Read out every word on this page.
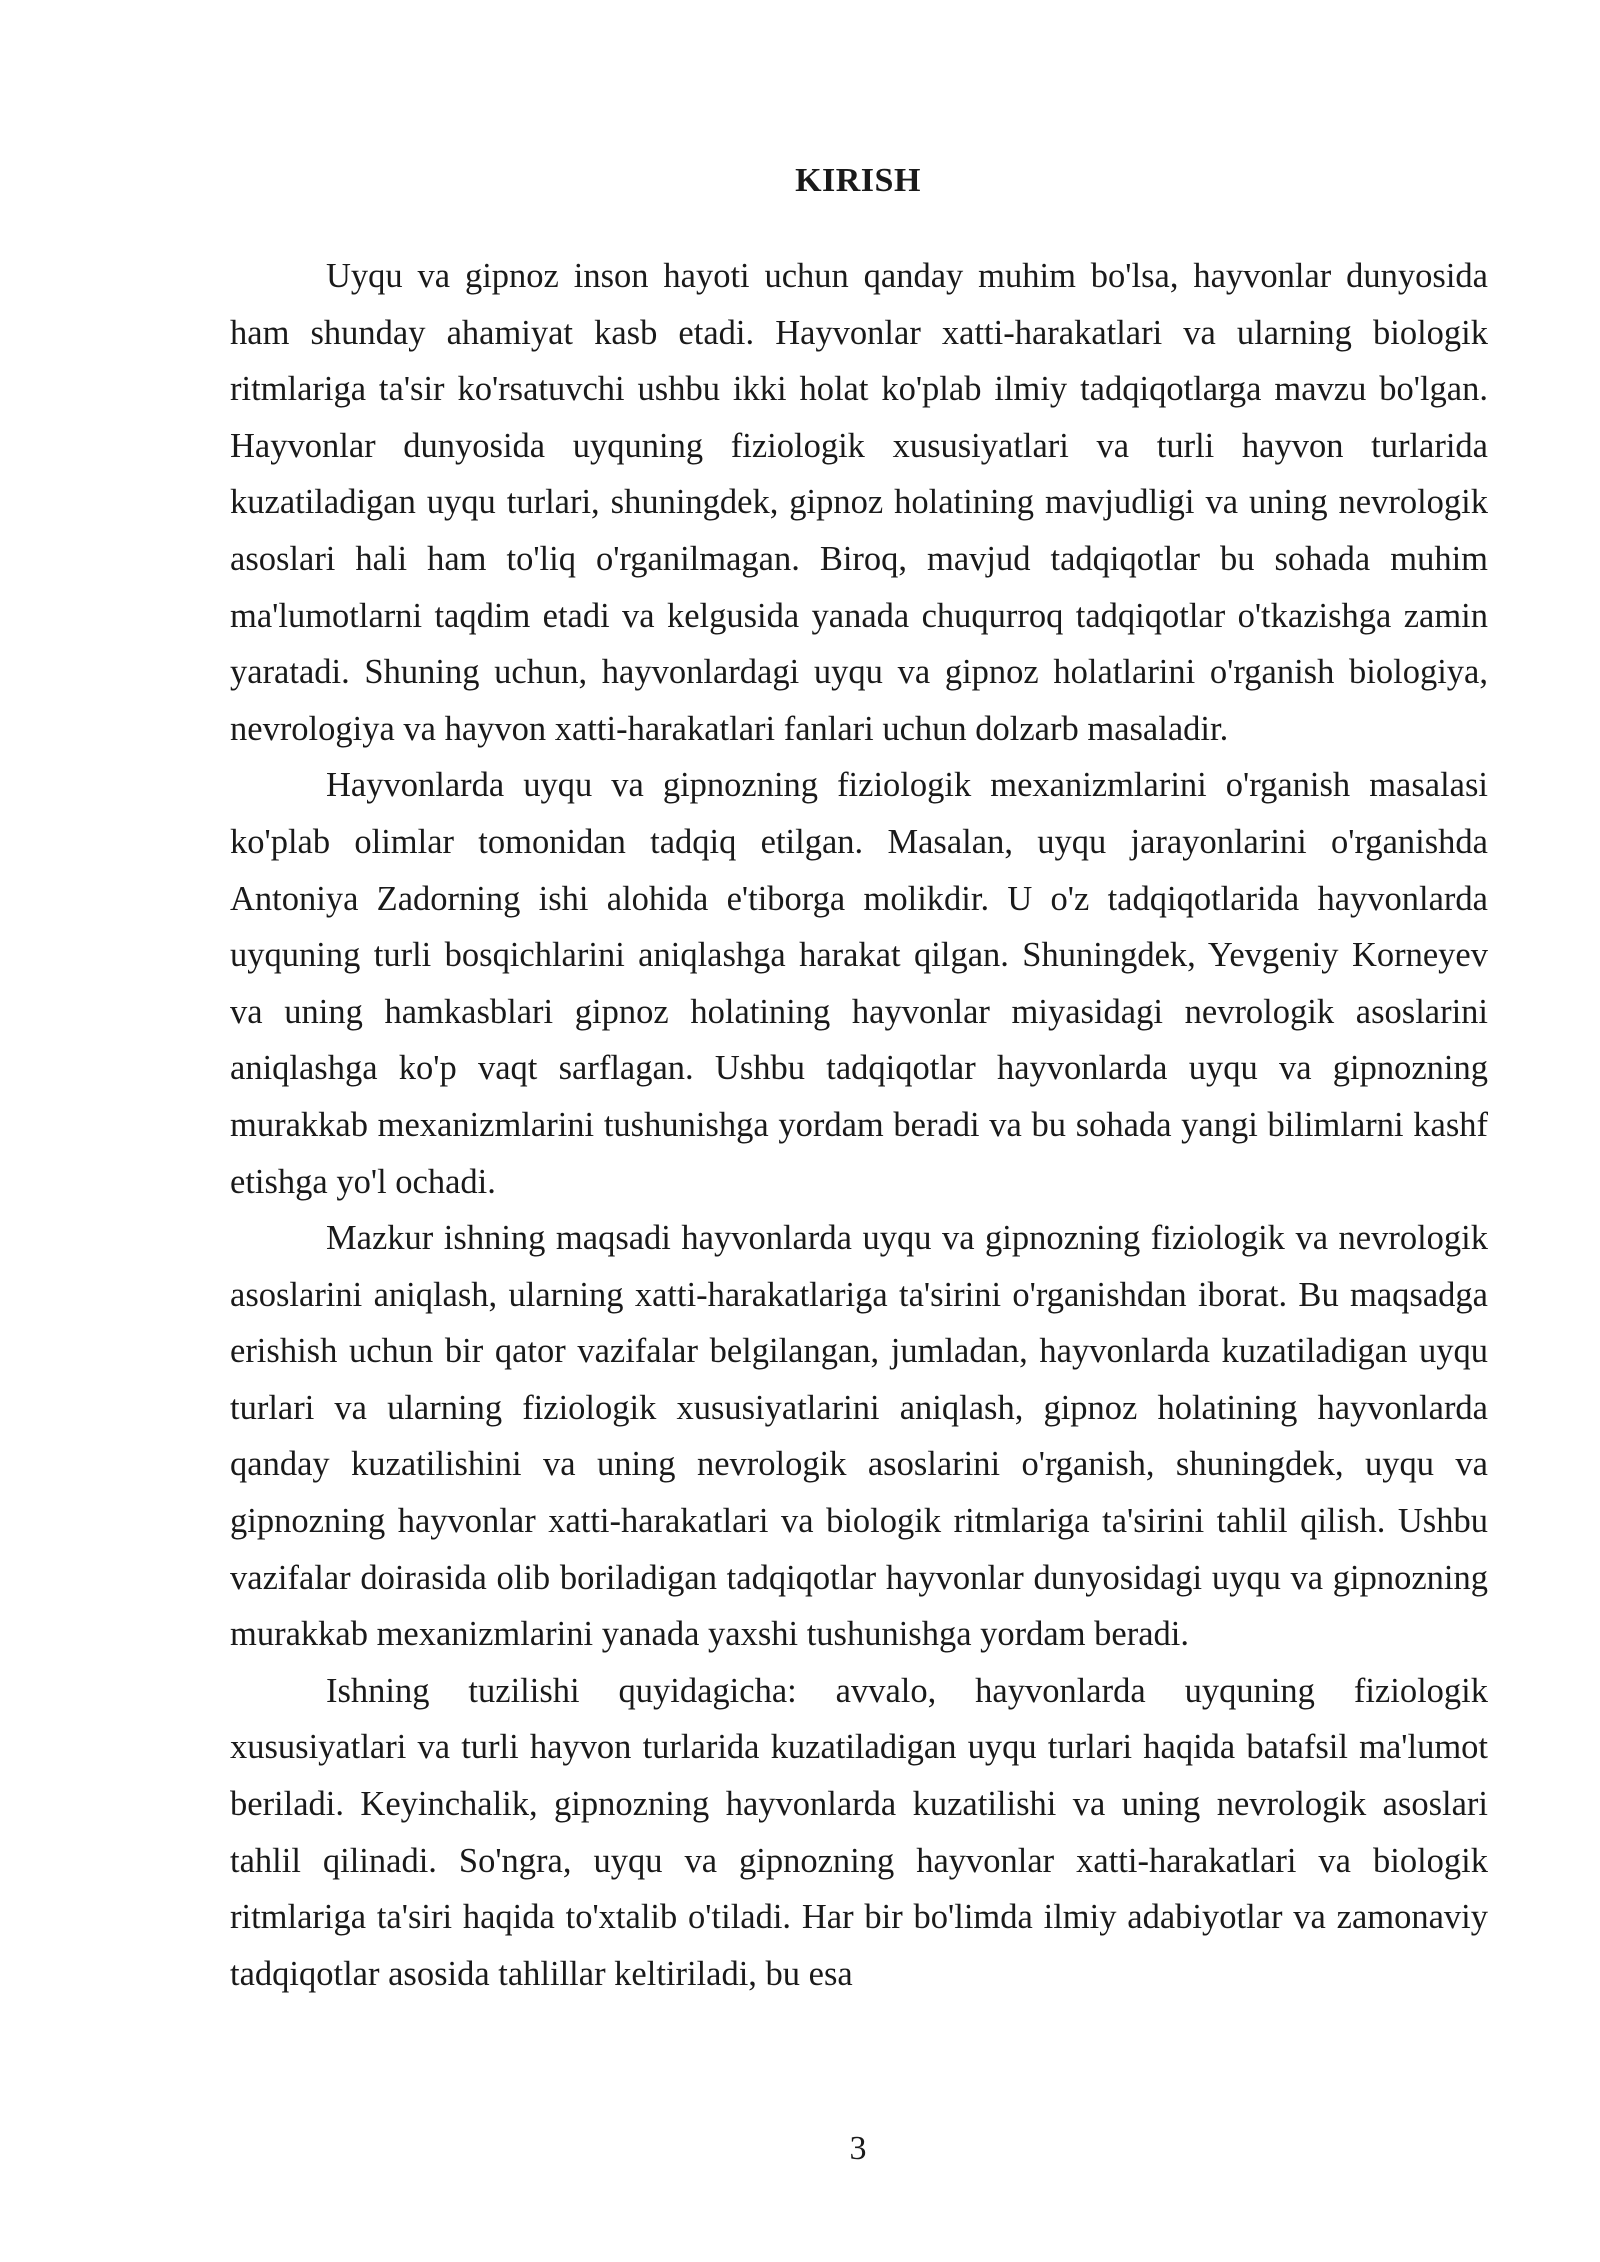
KIRISH

Uyqu va gipnoz inson hayoti uchun qanday muhim bo'lsa, hayvonlar dunyosida ham shunday ahamiyat kasb etadi. Hayvonlar xatti-harakatlari va ularning biologik ritmlariga ta'sir ko'rsatuvchi ushbu ikki holat ko'plab ilmiy tadqiqotlarga mavzu bo'lgan. Hayvonlar dunyosida uyquning fiziologik xususiyatlari va turli hayvon turlarida kuzatiladigan uyqu turlari, shuningdek, gipnoz holatining mavjudligi va uning nevrologik asoslari hali ham to'liq o'rganilmagan. Biroq, mavjud tadqiqotlar bu sohada muhim ma'lumotlarni taqdim etadi va kelgusida yanada chuqurroq tadqiqotlar o'tkazishga zamin yaratadi. Shuning uchun, hayvonlardagi uyqu va gipnoz holatlarini o'rganish biologiya, nevrologiya va hayvon xatti-harakatlari fanlari uchun dolzarb masaladir.

Hayvonlarda uyqu va gipnozning fiziologik mexanizmlarini o'rganish masalasi ko'plab olimlar tomonidan tadqiq etilgan. Masalan, uyqu jarayonlarini o'rganishda Antoniya Zadorning ishi alohida e'tiborga molikdir. U o'z tadqiqotlarida hayvonlarda uyquning turli bosqichlarini aniqlashga harakat qilgan. Shuningdek, Yevgeniy Korneyev va uning hamkasblari gipnoz holatining hayvonlar miyasidagi nevrologik asoslarini aniqlashga ko'p vaqt sarflagan. Ushbu tadqiqotlar hayvonlarda uyqu va gipnozning murakkab mexanizmlarini tushunishga yordam beradi va bu sohada yangi bilimlarni kashf etishga yo'l ochadi.

Mazkur ishning maqsadi hayvonlarda uyqu va gipnozning fiziologik va nevrologik asoslarini aniqlash, ularning xatti-harakatlariga ta'sirini o'rganishdan iborat. Bu maqsadga erishish uchun bir qator vazifalar belgilangan, jumladan, hayvonlarda kuzatiladigan uyqu turlari va ularning fiziologik xususiyatlarini aniqlash, gipnoz holatining hayvonlarda qanday kuzatilishini va uning nevrologik asoslarini o'rganish, shuningdek, uyqu va gipnozning hayvonlar xatti-harakatlari va biologik ritmlariga ta'sirini tahlil qilish. Ushbu vazifalar doirasida olib boriladigan tadqiqotlar hayvonlar dunyosidagi uyqu va gipnozning murakkab mexanizmlarini yanada yaxshi tushunishga yordam beradi.

Ishning tuzilishi quyidagicha: avvalo, hayvonlarda uyquning fiziologik xususiyatlari va turli hayvon turlarida kuzatiladigan uyqu turlari haqida batafsil ma'lumot beriladi. Keyinchalik, gipnozning hayvonlarda kuzatilishi va uning nevrologik asoslari tahlil qilinadi. So'ngra, uyqu va gipnozning hayvonlar xatti-harakatlari va biologik ritmlariga ta'siri haqida to'xtalib o'tiladi. Har bir bo'limda ilmiy adabiyotlar va zamonaviy tadqiqotlar asosida tahlillar keltiriladi, bu esa

3
